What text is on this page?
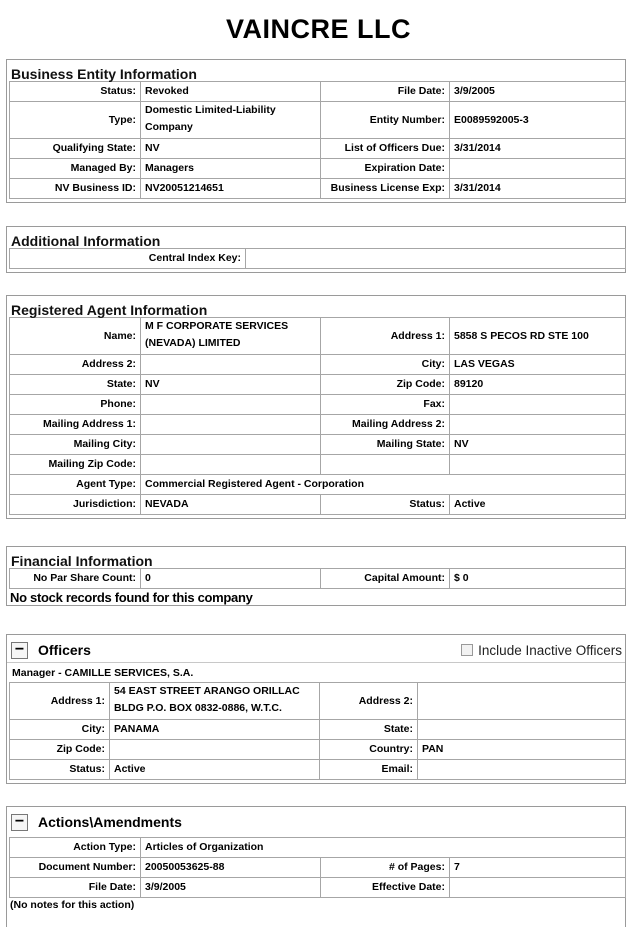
VAINCRE LLC
Business Entity Information
Status:	Revoked	File Date:	3/9/2005
Type:	Domestic Limited-Liability Company	Entity Number:	E0089592005-3
Qualifying State:	NV	List of Officers Due:	3/31/2014
Managed By:	Managers	Expiration Date:	
NV Business ID:	NV20051214651	Business License Exp:	3/31/2014
Additional Information
Central Index Key:	
Registered Agent Information
Name:	M F CORPORATE SERVICES (NEVADA) LIMITED	Address 1:	5858 S PECOS RD STE 100
Address 2:		City:	LAS VEGAS
State:	NV	Zip Code:	89120
Phone:		Fax:	
Mailing Address 1:		Mailing Address 2:	
Mailing City:		Mailing State:	NV
Mailing Zip Code:			
Agent Type:	Commercial Registered Agent - Corporation		
Jurisdiction:	NEVADA	Status:	Active
Financial Information
No Par Share Count:	0	Capital Amount:	$ 0
No stock records found for this company
− Officers	Include Inactive Officers
Manager - CAMILLE SERVICES, S.A.
Address 1:	54 EAST STREET ARANGO ORILLAC BLDG P.O. BOX 0832-0886, W.T.C.	Address 2:	
City:	PANAMA	State:	
Zip Code:		Country:	PAN
Status:	Active	Email:	
− Actions\Amendments
Action Type:	Articles of Organization		
Document Number:	20050053625-88	# of Pages:	7
File Date:	3/9/2005	Effective Date:	
(No notes for this action)
